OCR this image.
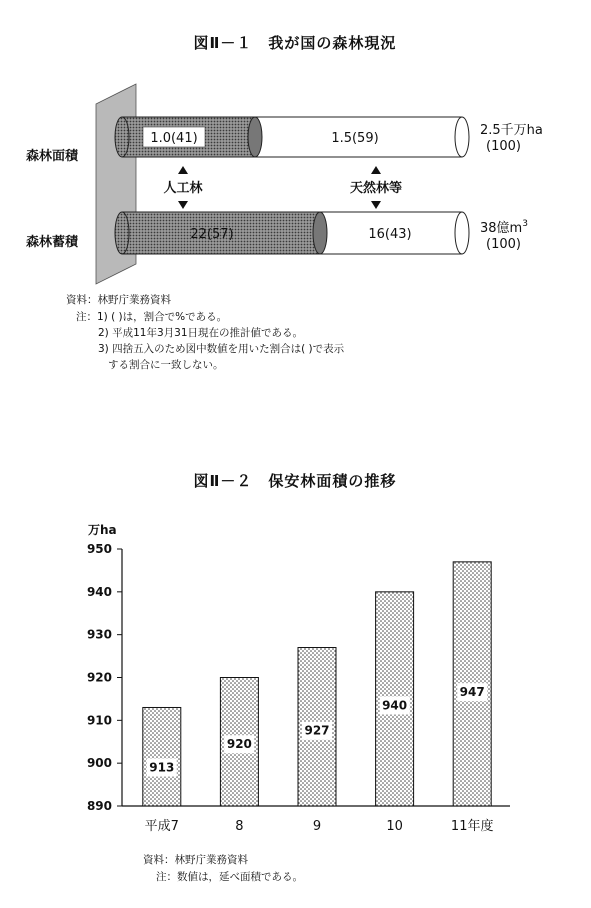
図Ⅱ－１　我が国の森林現況
1.0(41)	1.5(59)
森林面積
2.5千万ha
(100)
人工林	天然林等
22(57)	16(43)
森林蓄積
38億$m^3$
(100)
資料：林野庁業務資料
注：1) ( )は，割合で%である。
2) 平成11年3月31日現在の推計値である。
3) 四捨五入のため図中数値を用いた割合は( )で表示
する割合に一致しない。
図Ⅱ－２　保安林面積の推移
万ha
890
900
910
920
930
940
950
913
平成7
920
8
927
9
940
10
947
11年度
資料：林野庁業務資料
注：数値は，延べ面積である。
